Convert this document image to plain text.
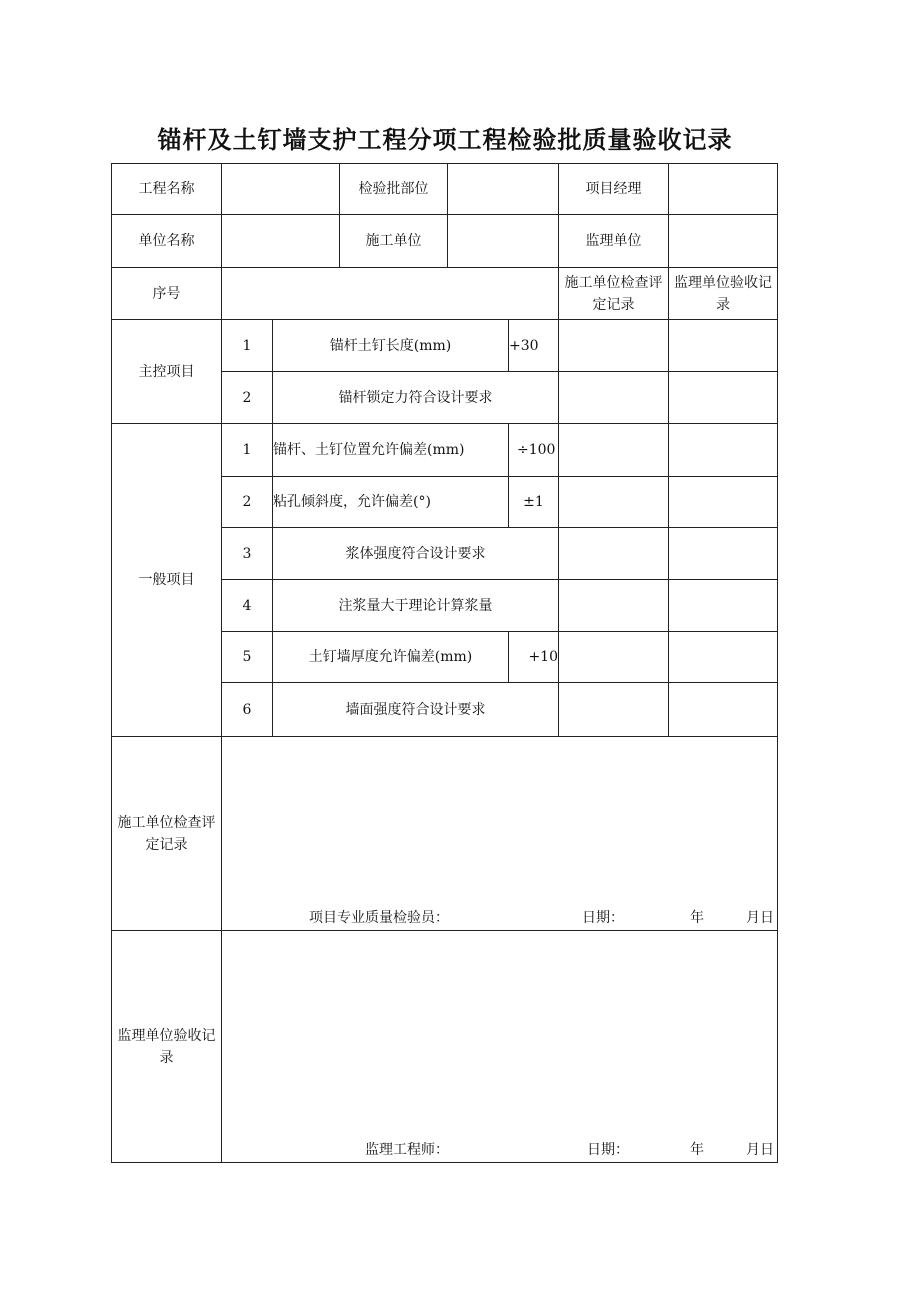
锚杆及土钉墙支护工程分项工程检验批质量验收记录
工程名称			检验批部位			项目经理	
单位名称			施工单位			监理单位	
序号						施工单位检查评定记录	监理单位验收记录
主控项目	1	锚杆土钉长度(mm)			+30		
	2	锚杆锁定力符合设计要求					
一般项目	1	锚杆、土钉位置允许偏差(mm)			÷100		
	2	粘孔倾斜度，允许偏差(°)			±1		
	3	浆体强度符合设计要求					
	4	注浆量大于理论计算浆量					
	5	土钉墙厚度允许偏差(mm)			+10		
	6	墙面强度符合设计要求					
施工单位检查评定记录	项目专业质量检验员： 日期： 年 月日						

监理单位验收记录	监理工程师： 日期： 年 月日						
